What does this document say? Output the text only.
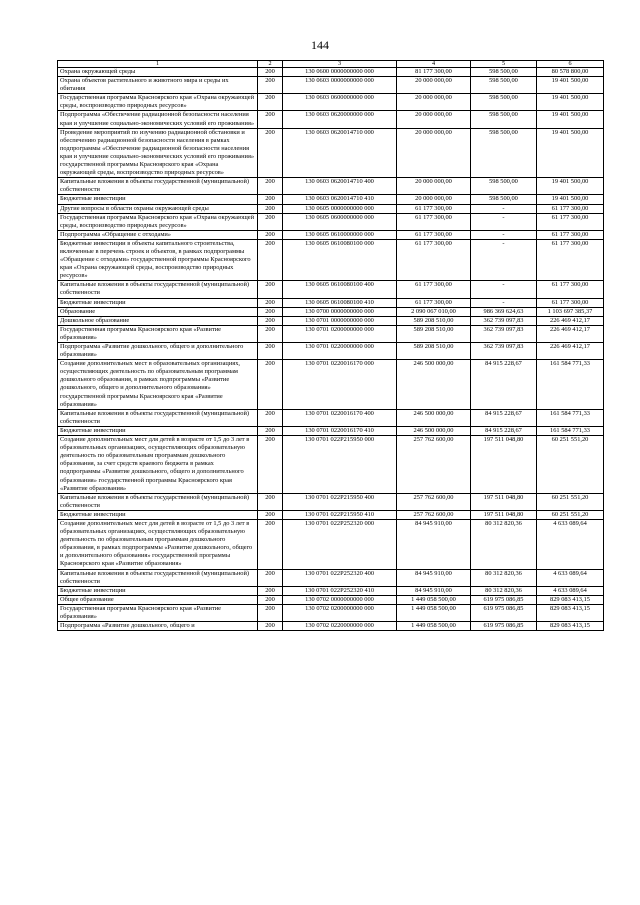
144
1	2	3	4	5	6
Охрана окружающей среды	200	130 0600 0000000000 000	81 177 300,00	598 500,00	80 578 800,00
Охрана объектов растительного и животного мира и среды их обитания	200	130 0603 0000000000 000	20 000 000,00	598 500,00	19 401 500,00
Государственная программа Красноярского края «Охрана окружающей среды, воспроизводство природных ресурсов»	200	130 0603 0600000000 000	20 000 000,00	598 500,00	19 401 500,00
Подпрограмма «Обеспечение радиационной безопасности населения края и улучшение социально-экономических условий его проживания»	200	130 0603 0620000000 000	20 000 000,00	598 500,00	19 401 500,00
Проведение мероприятий по изучению радиационной обстановки и обеспечению радиационной безопасности населения в рамках подпрограммы «Обеспечение радиационной безопасности населения края и улучшение социально-экономических условий его проживания» государственной программы Красноярского края «Охрана окружающей среды, воспроизводство природных ресурсов»	200	130 0603 0620014710 000	20 000 000,00	598 500,00	19 401 500,00
Капитальные вложения в объекты государственной (муниципальной) собственности	200	130 0603 0620014710 400	20 000 000,00	598 500,00	19 401 500,00
Бюджетные инвестиции	200	130 0603 0620014710 410	20 000 000,00	598 500,00	19 401 500,00
Другие вопросы в области охраны окружающей среды	200	130 0605 0000000000 000	61 177 300,00	-	61 177 300,00
Государственная программа Красноярского края «Охрана окружающей среды, воспроизводство природных ресурсов»	200	130 0605 0600000000 000	61 177 300,00	-	61 177 300,00
Подпрограмма «Обращение с отходами»	200	130 0605 0610000000 000	61 177 300,00	-	61 177 300,00
Бюджетные инвестиции в объекты капитального строительства, включенные в перечень строек и объектов, в рамках подпрограммы «Обращение с отходами» государственной программы Красноярского края «Охрана окружающей среды, воспроизводство природных ресурсов»	200	130 0605 0610080100 000	61 177 300,00	-	61 177 300,00
Капитальные вложения в объекты государственной (муниципальной) собственности	200	130 0605 0610080100 400	61 177 300,00	-	61 177 300,00
Бюджетные инвестиции	200	130 0605 0610080100 410	61 177 300,00	-	61 177 300,00
Образование	200	130 0700 0000000000 000	2 090 067 010,00	986 369 624,63	1 103 697 385,37
Дошкольное образование	200	130 0701 0000000000 000	589 208 510,00	362 739 097,83	226 469 412,17
Государственная программа Красноярского края «Развитие образования»	200	130 0701 0200000000 000	589 208 510,00	362 739 097,83	226 469 412,17
Подпрограмма «Развитие дошкольного, общего и дополнительного образования»	200	130 0701 0220000000 000	589 208 510,00	362 739 097,83	226 469 412,17
Создание дополнительных мест в образовательных организациях, осуществляющих деятельность по образовательным программам дошкольного образования, в рамках подпрограммы «Развитие дошкольного, общего и дополнительного образования» государственной программы Красноярского края «Развитие образования»	200	130 0701 0220016170 000	246 500 000,00	84 915 228,67	161 584 771,33
Капитальные вложения в объекты государственной (муниципальной) собственности	200	130 0701 0220016170 400	246 500 000,00	84 915 228,67	161 584 771,33
Бюджетные инвестиции	200	130 0701 0220016170 410	246 500 000,00	84 915 228,67	161 584 771,33
Создание дополнительных мест для детей в возрасте от 1,5 до 3 лет в образовательных организациях, осуществляющих образовательную деятельность по образовательным программам дошкольного образования, за счет средств краевого бюджета в рамках подпрограммы «Развитие дошкольного, общего и дополнительного образования» государственной программы Красноярского края «Развитие образования»	200	130 0701 022P215950 000	257 762 600,00	197 511 048,80	60 251 551,20
Капитальные вложения в объекты государственной (муниципальной) собственности	200	130 0701 022P215950 400	257 762 600,00	197 511 048,80	60 251 551,20
Бюджетные инвестиции	200	130 0701 022P215950 410	257 762 600,00	197 511 048,80	60 251 551,20
Создание дополнительных мест для детей в возрасте от 1,5 до 3 лет в образовательных организациях, осуществляющих образовательную деятельность по образовательным программам дошкольного образования, в рамках подпрограммы «Развитие дошкольного, общего и дополнительного образования» государственной программы Красноярского края «Развитие образования»	200	130 0701 022P252320 000	84 945 910,00	80 312 820,36	4 633 089,64
Капитальные вложения в объекты государственной (муниципальной) собственности	200	130 0701 022P252320 400	84 945 910,00	80 312 820,36	4 633 089,64
Бюджетные инвестиции	200	130 0701 022P252320 410	84 945 910,00	80 312 820,36	4 633 089,64
Общее образование	200	130 0702 0000000000 000	1 449 058 500,00	619 975 086,85	829 083 413,15
Государственная программа Красноярского края «Развитие образования»	200	130 0702 0200000000 000	1 449 058 500,00	619 975 086,85	829 083 413,15
Подпрограмма «Развитие дошкольного, общего и	200	130 0702 0220000000 000	1 449 058 500,00	619 975 086,85	829 083 413,15
